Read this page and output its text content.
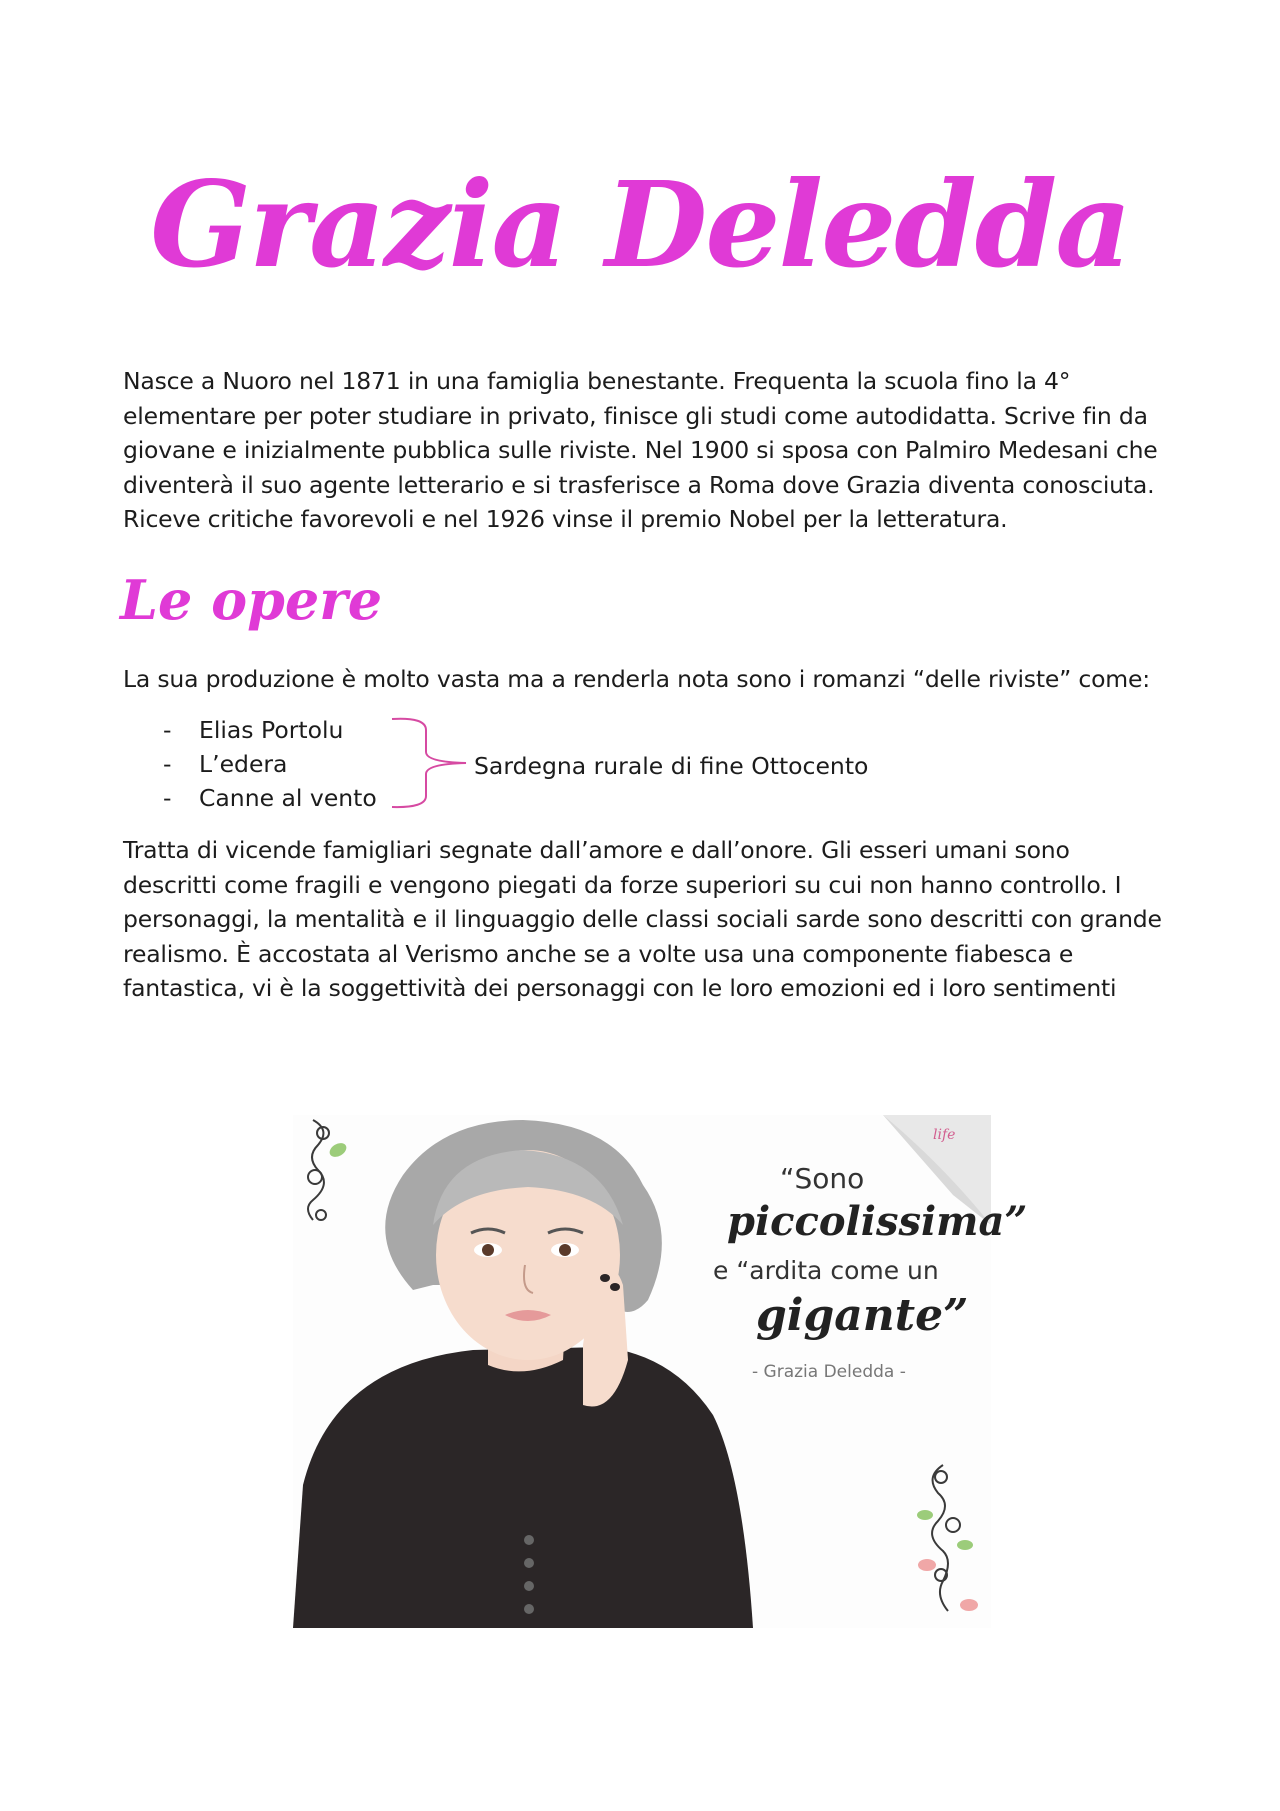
Grazia Deledda

Nasce a Nuoro nel 1871 in una famiglia benestante. Frequenta la scuola fino la 4° elementare per poter studiare in privato, finisce gli studi come autodidatta. Scrive fin da giovane e inizialmente pubblica sulle riviste. Nel 1900 si sposa con Palmiro Medesani che diventerà il suo agente letterario e si trasferisce a Roma dove Grazia diventa conosciuta. Riceve critiche favorevoli e nel 1926 vinse il premio Nobel per la letteratura.

Le opere

La sua produzione è molto vasta ma a renderla nota sono i romanzi “delle riviste” come:

-	Elias Portolu
-	L’edera
-	Canne al vento
Sardegna rurale di fine Ottocento

Tratta di vicende famigliari segnate dall’amore e dall’onore. Gli esseri umani sono descritti come fragili e vengono piegati da forze superiori su cui non hanno controllo. I personaggi, la mentalità e il linguaggio delle classi sociali sarde sono descritti con grande realismo. È accostata al Verismo anche se a volte usa una componente fiabesca e fantastica, vi è la soggettività dei personaggi con le loro emozioni ed i loro sentimenti

life
“Sono
piccolissima”
e “ardita come un
gigante”
- Grazia Deledda -
